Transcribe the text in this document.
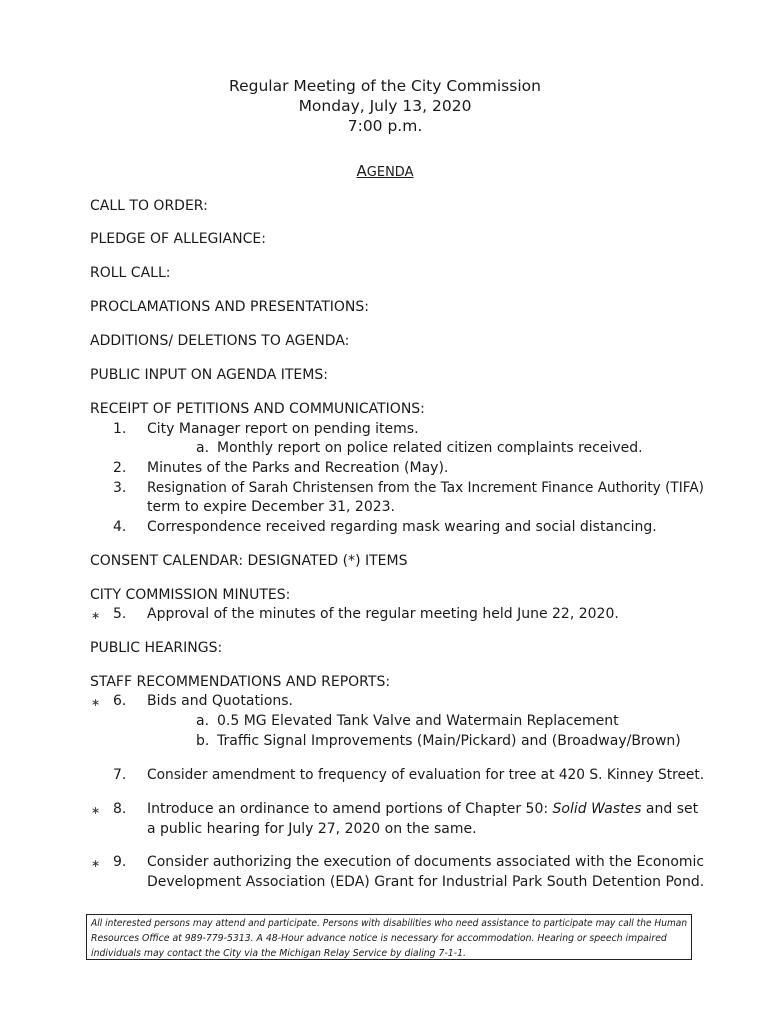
Regular Meeting of the City Commission
Monday, July 13, 2020
7:00 p.m.
AGENDA
CALL TO ORDER:
PLEDGE OF ALLEGIANCE:
ROLL CALL:
PROCLAMATIONS AND PRESENTATIONS:
ADDITIONS/ DELETIONS TO AGENDA:
PUBLIC INPUT ON AGENDA ITEMS:
RECEIPT OF PETITIONS AND COMMUNICATIONS:
1.	City Manager report on pending items.
a. Monthly report on police related citizen complaints received.
2.	Minutes of the Parks and Recreation (May).
3.	Resignation of Sarah Christensen from the Tax Increment Finance Authority (TIFA)
term to expire December 31, 2023.
4.	Correspondence received regarding mask wearing and social distancing.
CONSENT CALENDAR: DESIGNATED (*) ITEMS
CITY COMMISSION MINUTES:
∗ 5.	Approval of the minutes of the regular meeting held June 22, 2020.
PUBLIC HEARINGS:
STAFF RECOMMENDATIONS AND REPORTS:
∗ 6.	Bids and Quotations.
a. 0.5 MG Elevated Tank Valve and Watermain Replacement
b. Traffic Signal Improvements (Main/Pickard) and (Broadway/Brown)
7.	Consider amendment to frequency of evaluation for tree at 420 S. Kinney Street.
∗ 8.	Introduce an ordinance to amend portions of Chapter 50: Solid Wastes and set
a public hearing for July 27, 2020 on the same.
∗ 9.	Consider authorizing the execution of documents associated with the Economic
Development Association (EDA) Grant for Industrial Park South Detention Pond.
All interested persons may attend and participate. Persons with disabilities who need assistance to participate may call the Human
Resources Office at 989-779-5313. A 48-Hour advance notice is necessary for accommodation. Hearing or speech impaired
individuals may contact the City via the Michigan Relay Service by dialing 7-1-1.
